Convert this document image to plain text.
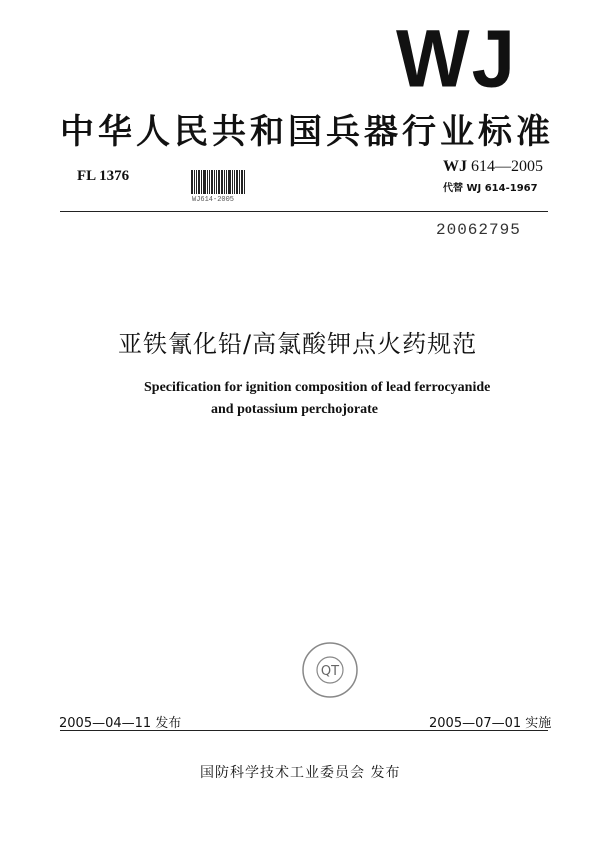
WJ
中华人民共和国兵器行业标准
FL 1376
WJ614-2005
WJ 614—2005
代替 WJ 614-1967
20062795
亚铁氰化铅/高氯酸钾点火药规范
Specification for ignition composition of lead ferrocyanide
and potassium perchojorate
QT
2005—04—11 发布	2005—07—01 实施
国防科学技术工业委员会 发布
